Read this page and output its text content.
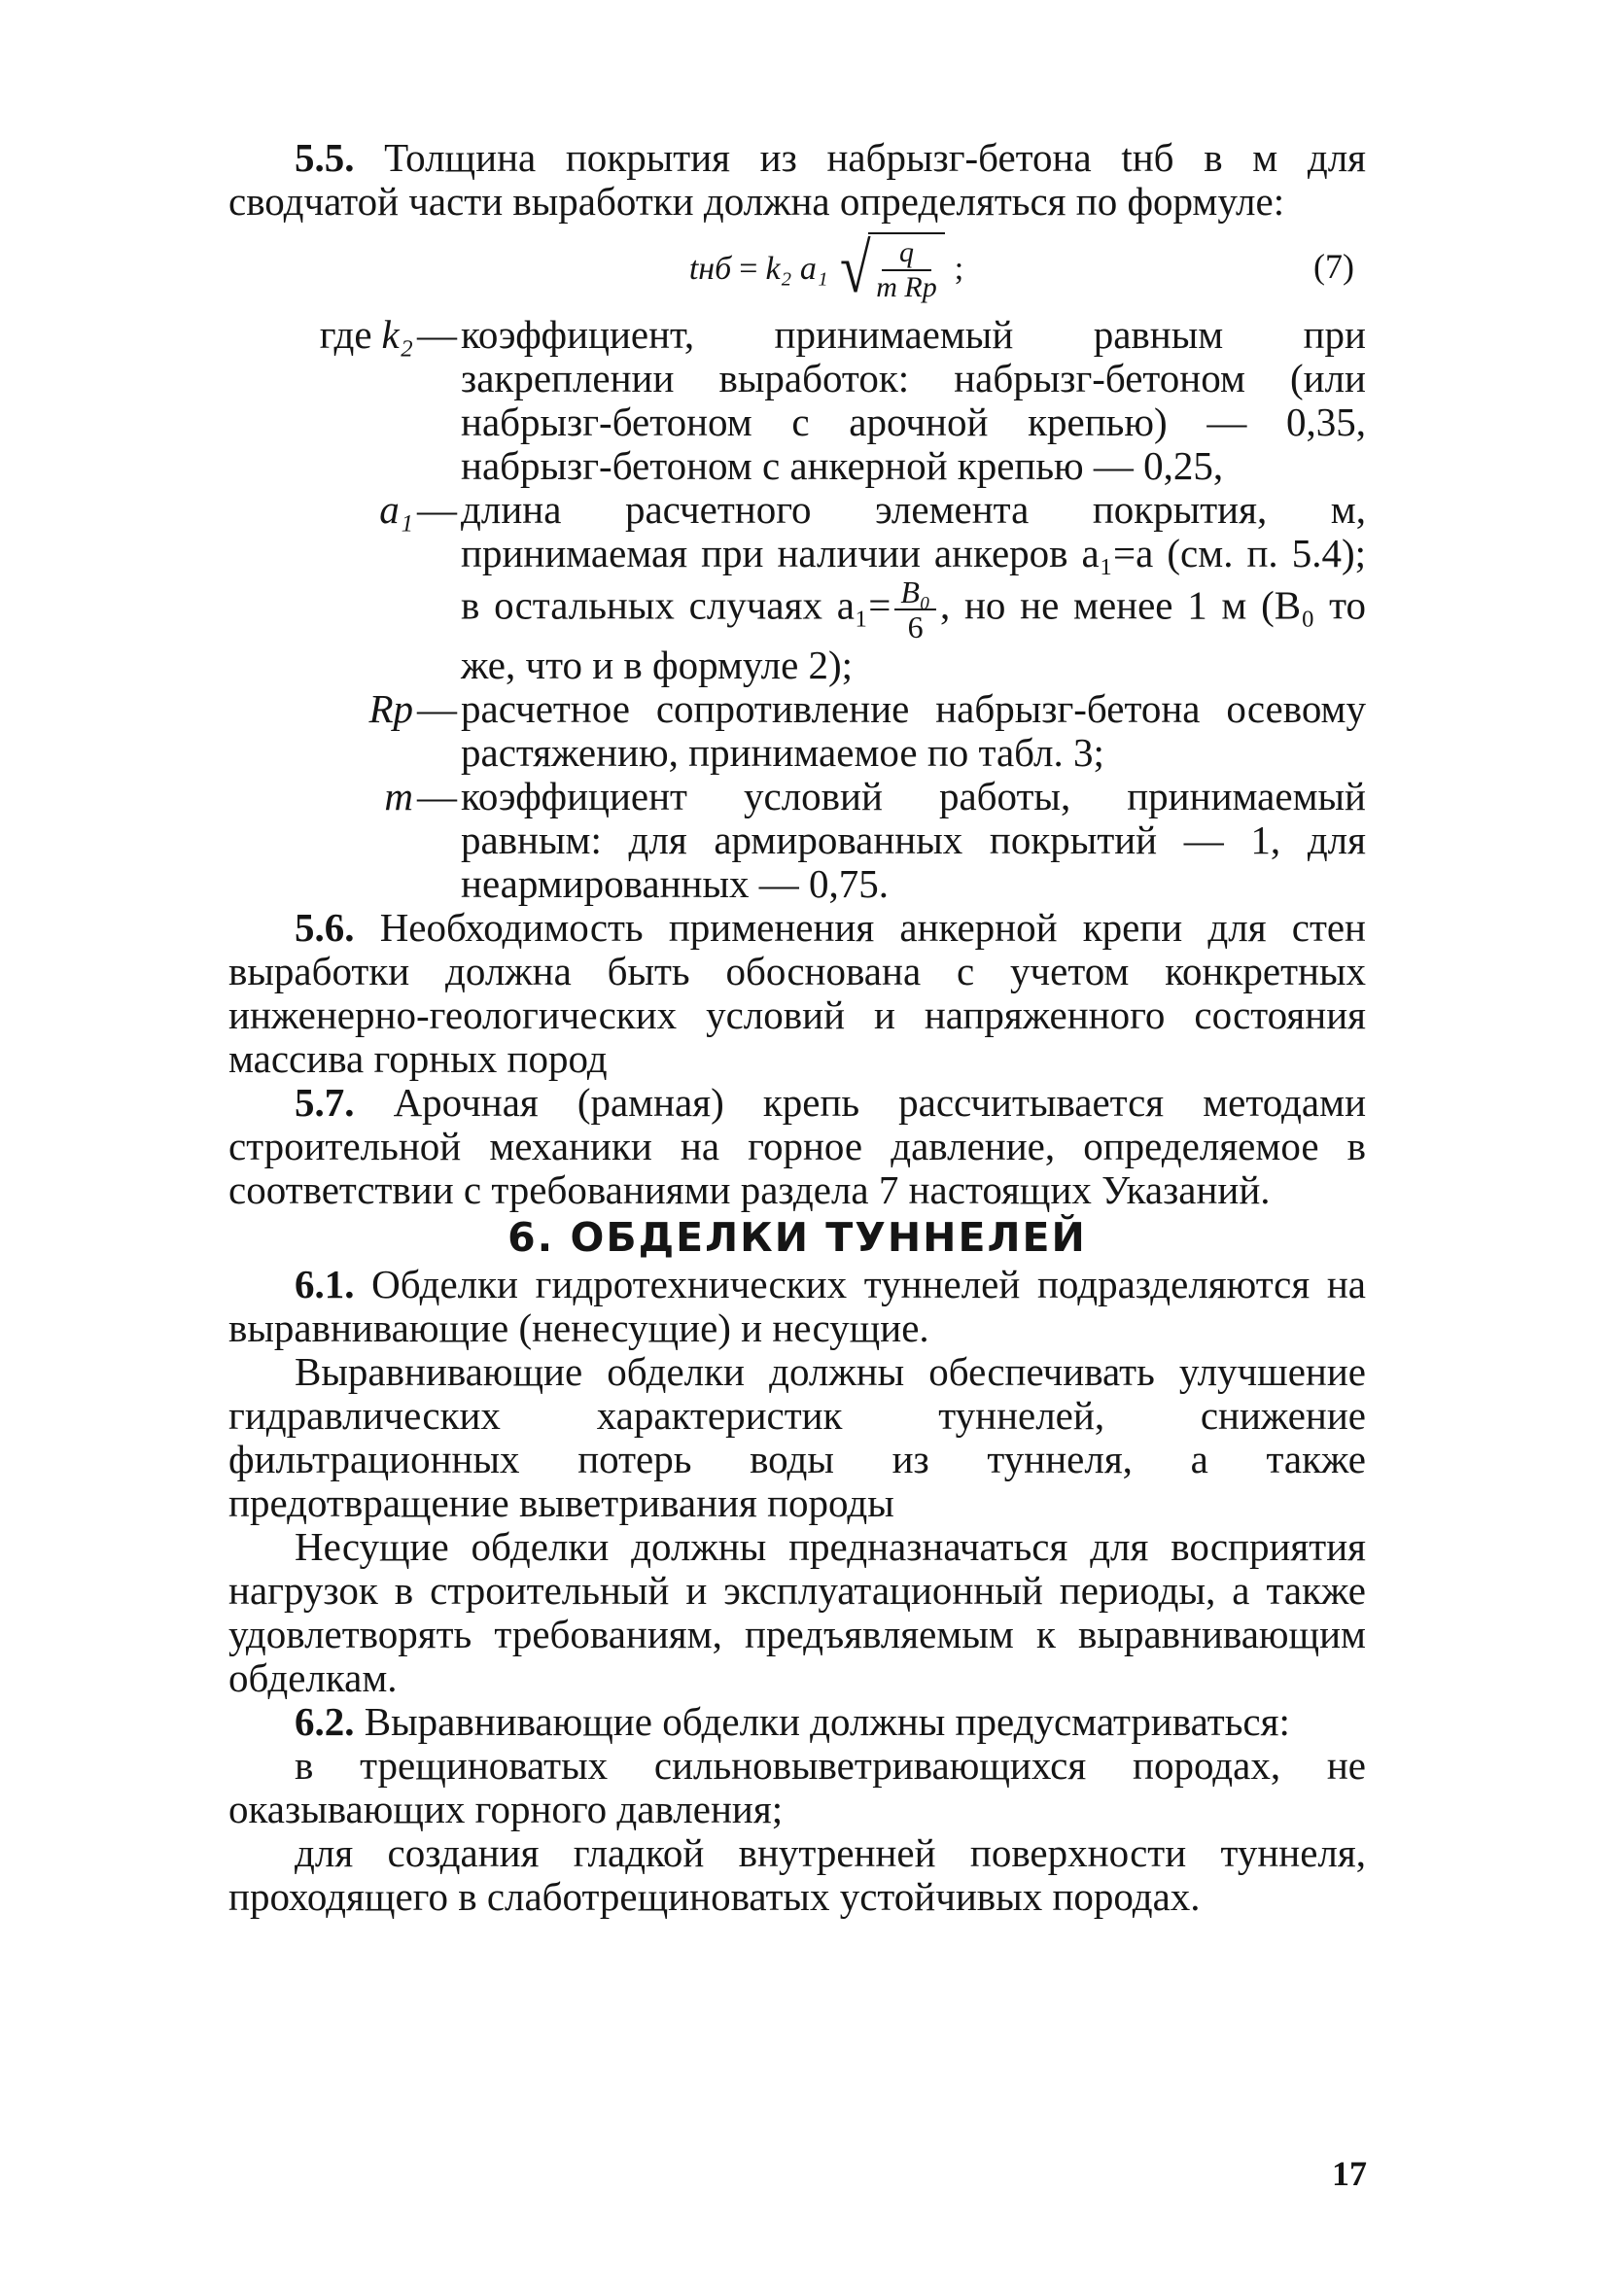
5.5. Толщина покрытия из набрызг-бетона tнб в м для сводчатой части выработки должна определяться по формуле:

tнб = k₂ a₁ √ q
m Rр
;	(7)
где k₂ — коэффициент, принимаемый равным при закреплении выработок: набрызг-бетоном (или набрызг-бетоном с арочной крепью) — 0,35, набрызг-бетоном с анкерной крепью — 0,25,
a₁ — длина расчетного элемента покрытия, м, принимаемая при наличии анкеров a₁=a (см. п. 5.4); в остальных случаях $a_1= \frac{\text{B₀}}{6}$ , но не менее 1 м (B₀ то же, что и в формуле 2);
Rр — расчетное сопротивление набрызг-бетона осевому растяжению, принимаемое по табл. 3;
m — коэффициент условий работы, принимаемый равным: для армированных покрытий — 1, для неармированных — 0,75.

5.6. Необходимость применения анкерной крепи для стен выработки должна быть обоснована с учетом конкретных инженерно-геологических условий и напряженного состояния массива горных пород

5.7. Арочная (рамная) крепь рассчитывается методами строительной механики на горное давление, определяемое в соответствии с требованиями раздела 7 настоящих Указаний.

6. ОБДЕЛКИ ТУННЕЛЕЙ

6.1. Обделки гидротехнических туннелей подразделяются на выравнивающие (ненесущие) и несущие.

Выравнивающие обделки должны обеспечивать улучшение гидравлических характеристик туннелей, снижение фильтрационных потерь воды из туннеля, а также предотвращение выветривания породы

Несущие обделки должны предназначаться для восприятия нагрузок в строительный и эксплуатационный периоды, а также удовлетворять требованиям, предъявляемым к выравнивающим обделкам.

6.2. Выравнивающие обделки должны предусматриваться:

в трещиноватых сильновыветривающихся породах, не оказывающих горного давления;

для создания гладкой внутренней поверхности туннеля, проходящего в слаботрещиноватых устойчивых породах.

17
